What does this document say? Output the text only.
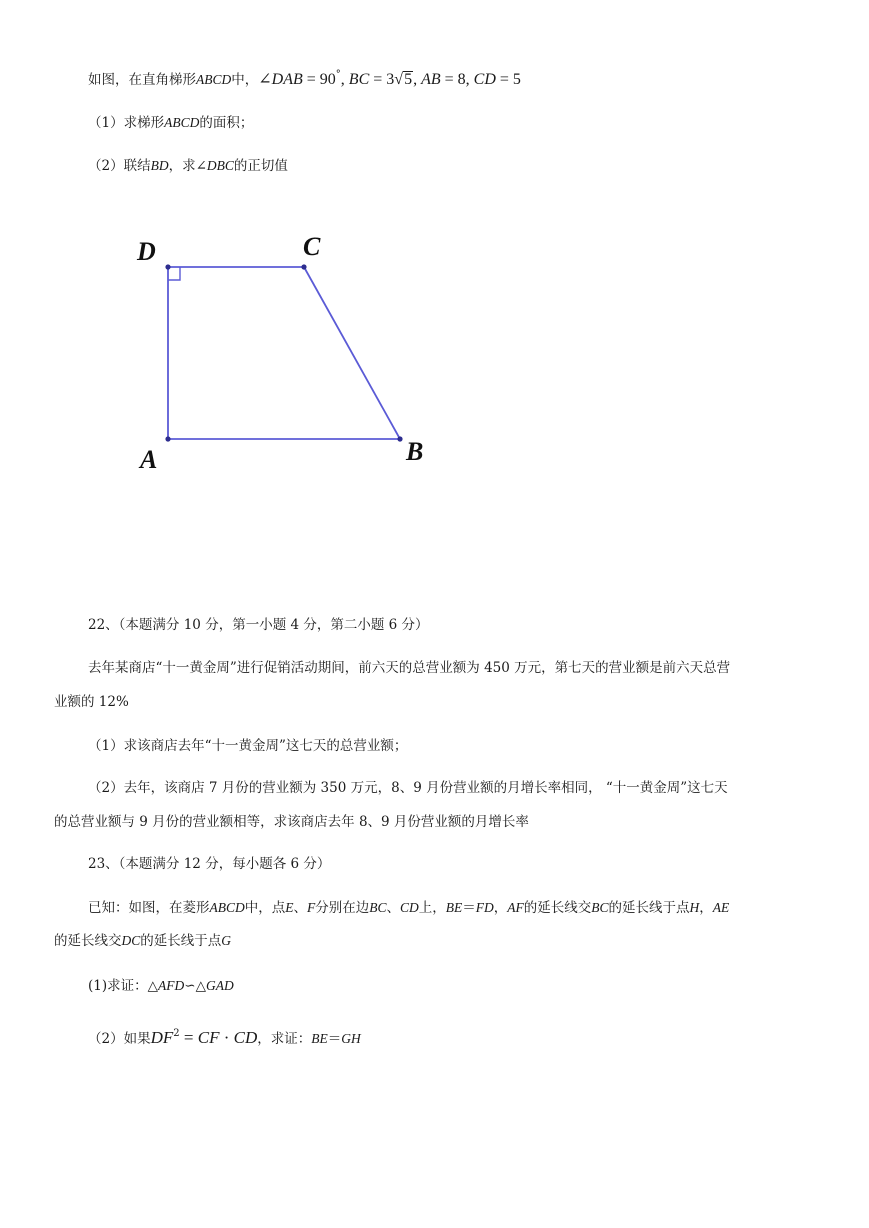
如图，在直角梯形ABCD中，∠DAB = 90°, BC = 3√5, AB = 8, CD = 5
（1）求梯形ABCD的面积；
（2）联结BD，求∠DBC的正切值
D	C
B
A
22、（本题满分 10 分，第一小题 4 分，第二小题 6 分）
去年某商店“十一黄金周”进行促销活动期间，前六天的总营业额为 450 万元，第七天的营业额是前六天总营
业额的 12%
（1）求该商店去年“十一黄金周”这七天的总营业额；
（2）去年，该商店 7 月份的营业额为 350 万元，8、9 月份营业额的月增长率相同， “十一黄金周”这七天
的总营业额与 9 月份的营业额相等，求该商店去年 8、9 月份营业额的月增长率
23、（本题满分 12 分，每小题各 6 分）
已知：如图，在菱形ABCD中，点E、F分别在边BC、CD上，BE＝FD，AF的延长线交BC的延长线于点H，AE
的延长线交DC的延长线于点G
(1)求证：△AFD∽△GAD
（2）如果$DF^2$ = CF · CD，求证：BE＝GH
